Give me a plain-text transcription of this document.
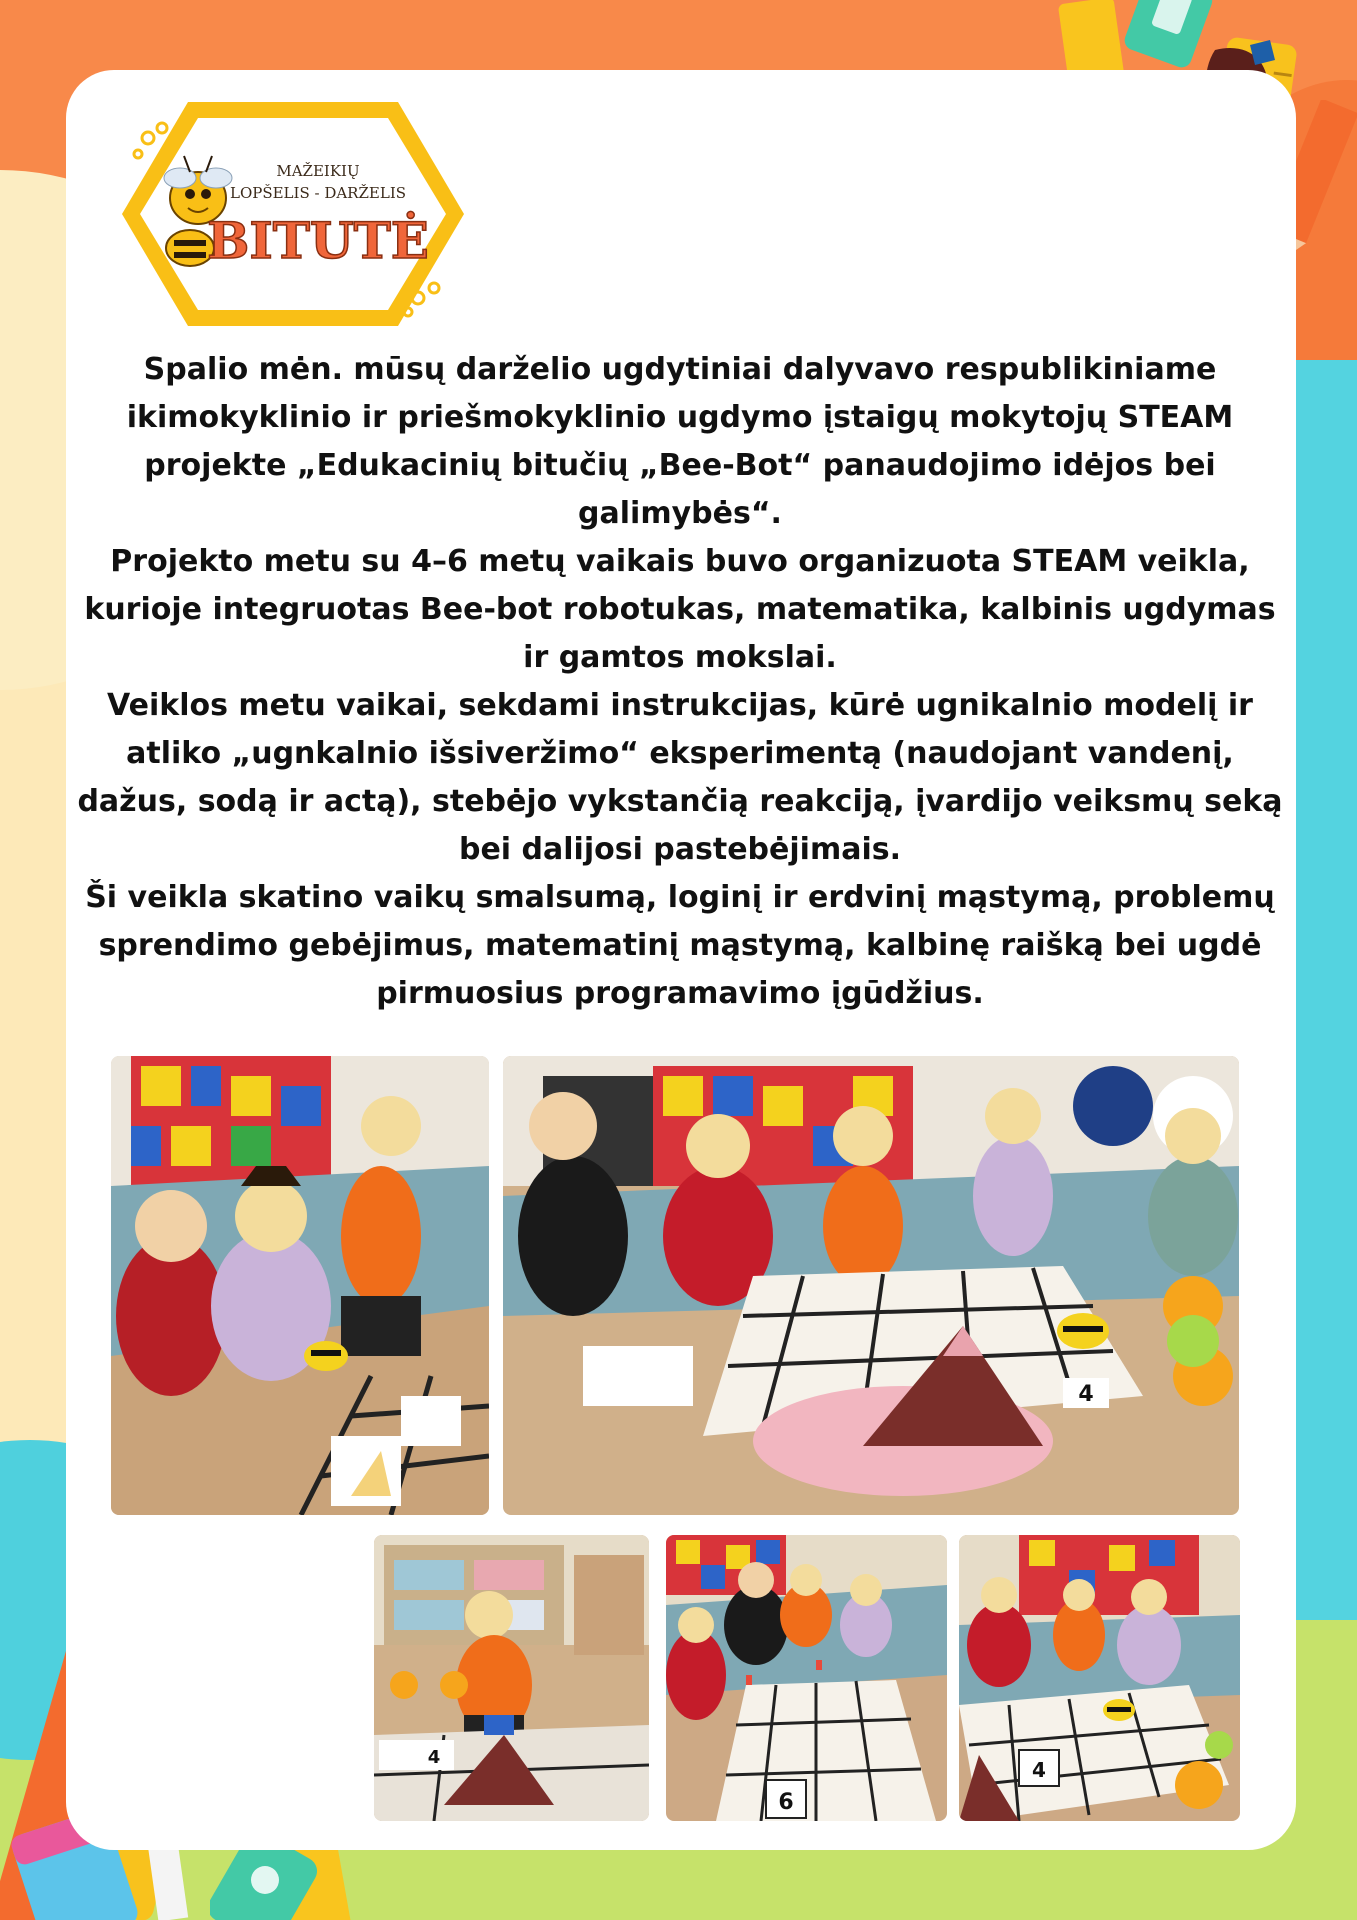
MAŽEIKIŲ
LOPŠELIS - DARŽELIS
BITUTĖ

Spalio mėn. mūsų darželio ugdytiniai dalyvavo respublikiniame ikimokyklinio ir priešmokyklinio ugdymo įstaigų mokytojų STEAM projekte „Edukacinių bitučių „Bee-Bot“ panaudojimo idėjos bei galimybės“.

Projekto metu su 4–6 metų vaikais buvo organizuota STEAM veikla, kurioje integruotas Bee-bot robotukas, matematika, kalbinis ugdymas ir gamtos mokslai.

Veiklos metu vaikai, sekdami instrukcijas, kūrė ugnikalnio modelį ir atliko „ugnkalnio išsiveržimo“ eksperimentą (naudojant vandenį, dažus, sodą ir actą), stebėjo vykstančią reakciją, įvardijo veiksmų seką bei dalijosi pastebėjimais.

Ši veikla skatino vaikų smalsumą, loginį ir erdvinį mąstymą, problemų sprendimo gebėjimus, matematinį mąstymą, kalbinę raišką bei ugdė pirmuosius programavimo įgūdžius.

4
4
6
4
